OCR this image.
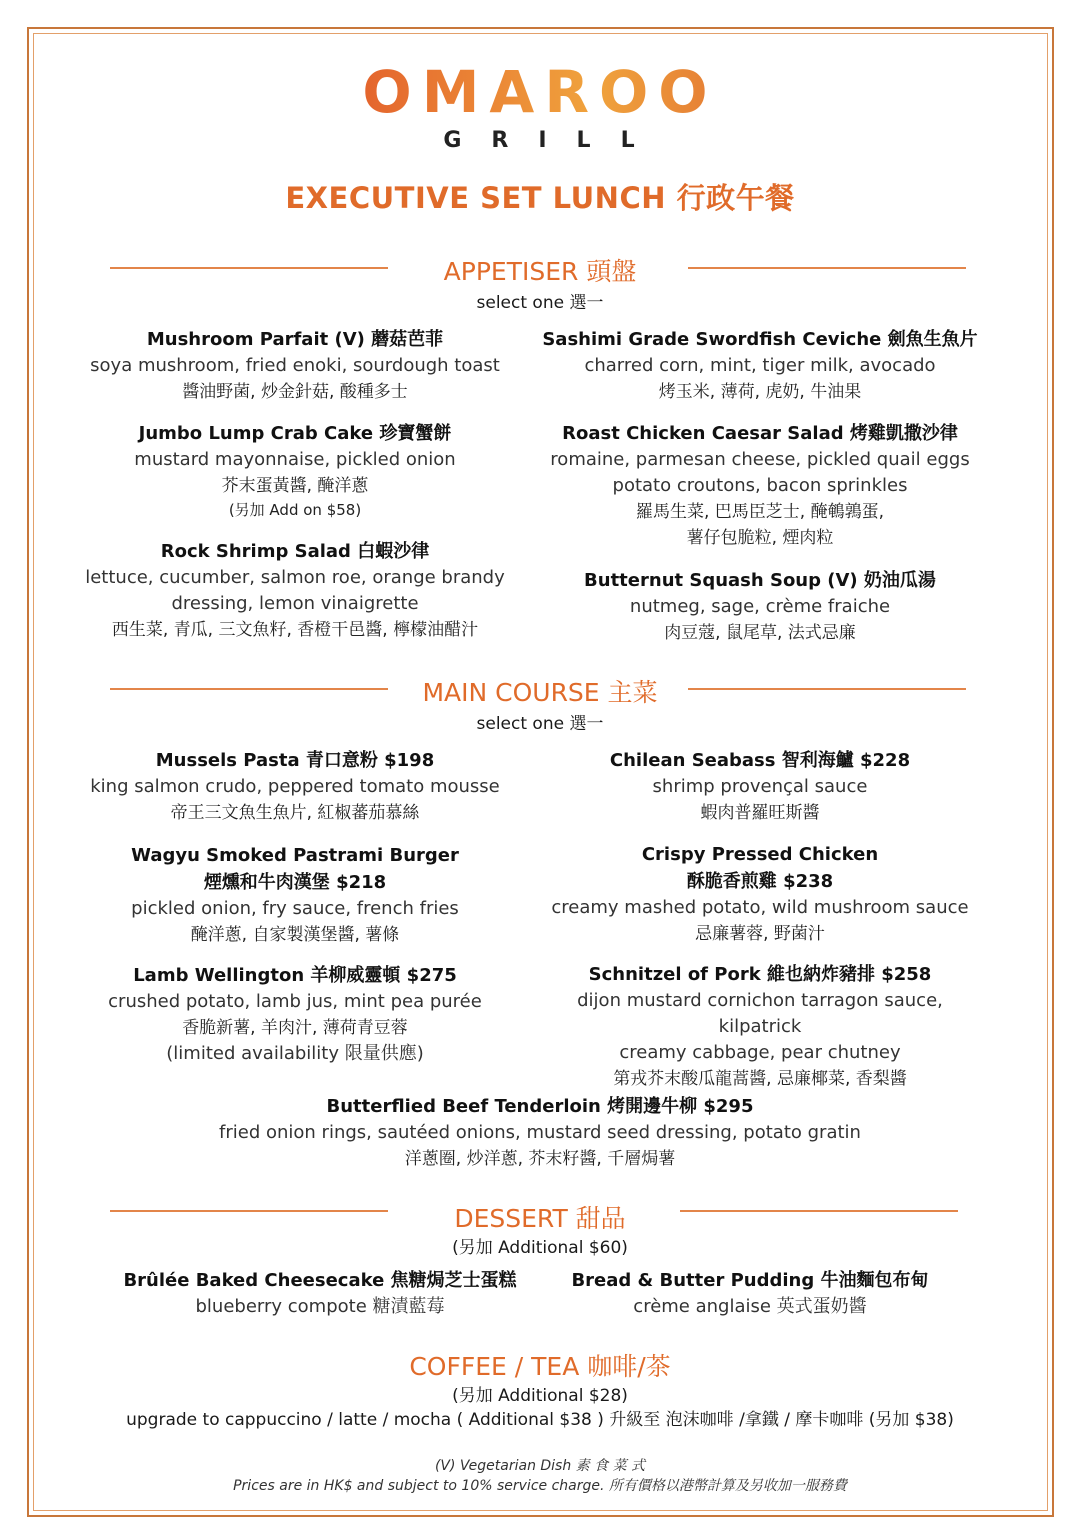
OMAROO
GRILL
EXECUTIVE SET LUNCH 行政午餐
APPETISER 頭盤
select one 選一
Mushroom Parfait (V) 蘑菇芭菲
soya mushroom, fried enoki, sourdough toast
醬油野菌, 炒金針菇, 酸種多士
Sashimi Grade Swordfish Ceviche 劍魚生魚片
charred corn, mint, tiger milk, avocado
烤玉米, 薄荷, 虎奶, 牛油果
Jumbo Lump Crab Cake 珍寶蟹餅
mustard mayonnaise, pickled onion
芥末蛋黃醬, 醃洋蔥
(另加 Add on $58)
Roast Chicken Caesar Salad 烤雞凱撒沙律
romaine, parmesan cheese, pickled quail eggs
potato croutons, bacon sprinkles
羅馬生菜, 巴馬臣芝士, 醃鵪鶉蛋,
薯仔包脆粒, 煙肉粒
Rock Shrimp Salad 白蝦沙律
lettuce, cucumber, salmon roe, orange brandy
dressing, lemon vinaigrette
西生菜, 青瓜, 三文魚籽, 香橙干邑醬, 檸檬油醋汁
Butternut Squash Soup (V) 奶油瓜湯
nutmeg, sage, crème fraiche
肉豆蔻, 鼠尾草, 法式忌廉
MAIN COURSE 主菜
select one 選一
Mussels Pasta 青口意粉 $198
king salmon crudo, peppered tomato mousse
帝王三文魚生魚片, 紅椒蕃茄慕絲
Chilean Seabass 智利海鱸 $228
shrimp provençal sauce
蝦肉普羅旺斯醬
Wagyu Smoked Pastrami Burger
煙燻和牛肉漢堡 $218
pickled onion, fry sauce, french fries
醃洋蔥, 自家製漢堡醬, 薯條
Crispy Pressed Chicken
酥脆香煎雞 $238
creamy mashed potato, wild mushroom sauce
忌廉薯蓉, 野菌汁
Lamb Wellington 羊柳威靈頓 $275
crushed potato, lamb jus, mint pea purée
香脆新薯, 羊肉汁, 薄荷青豆蓉
(limited availability 限量供應)
Schnitzel of Pork 維也納炸豬排 $258
dijon mustard cornichon tarragon sauce, kilpatrick
creamy cabbage, pear chutney
第戎芥末酸瓜龍蒿醬, 忌廉椰菜, 香梨醬
Butterflied Beef Tenderloin 烤開邊牛柳 $295
fried onion rings, sautéed onions, mustard seed dressing, potato gratin
洋蔥圈, 炒洋蔥, 芥末籽醬, 千層焗薯
DESSERT 甜品
(另加 Additional $60)
Brûlée Baked Cheesecake 焦糖焗芝士蛋糕
blueberry compote 糖漬藍莓
Bread & Butter Pudding 牛油麵包布甸
crème anglaise 英式蛋奶醬
COFFEE / TEA 咖啡/茶
(另加 Additional $28)
upgrade to cappuccino / latte / mocha ( Additional $38 ) 升級至 泡沫咖啡 /拿鐵 / 摩卡咖啡 (另加 $38)
(V) Vegetarian Dish 素 食 菜 式
Prices are in HK$ and subject to 10% service charge. 所有價格以港幣計算及另收加一服務費
